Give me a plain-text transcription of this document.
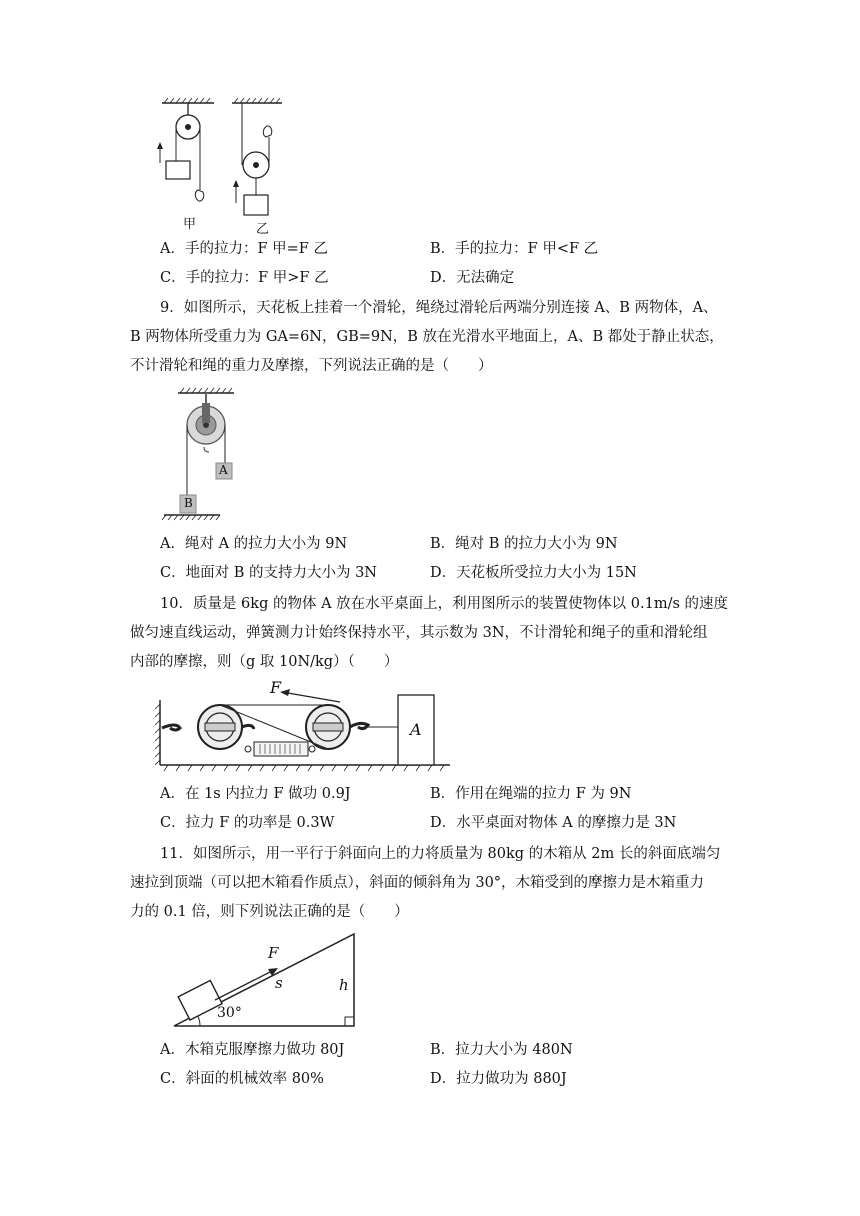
甲	乙
A．手的拉力：F 甲=F 乙	B．手的拉力：F 甲<F 乙
C．手的拉力：F 甲>F 乙	D．无法确定
9．如图所示，天花板上挂着一个滑轮，绳绕过滑轮后两端分别连接 A、B 两物体，A、
B 两物体所受重力为 GA=6N，GB=9N，B 放在光滑水平地面上，A、B 都处于静止状态，
不计滑轮和绳的重力及摩擦，下列说法正确的是（　　）
A
B
A．绳对 A 的拉力大小为 9N	B．绳对 B 的拉力大小为 9N
C．地面对 B 的支持力大小为 3N	D．天花板所受拉力大小为 15N
10．质量是 6kg 的物体 A 放在水平桌面上，利用图所示的装置使物体以 0.1m/s 的速度
做匀速直线运动，弹簧测力计始终保持水平，其示数为 3N，不计滑轮和绳子的重和滑轮组
内部的摩擦，则（g 取 10N/kg）（　　）
F
A
A．在 1s 内拉力 F 做功 0.9J	B．作用在绳端的拉力 F 为 9N
C．拉力 F 的功率是 0.3W	D．水平桌面对物体 A 的摩擦力是 3N
11．如图所示，用一平行于斜面向上的力将质量为 80kg 的木箱从 2m 长的斜面底端匀
速拉到顶端（可以把木箱看作质点），斜面的倾斜角为 30°，木箱受到的摩擦力是木箱重力
力的 0.1 倍，则下列说法正确的是（　　）
F
s	h
30°
A．木箱克服摩擦力做功 80J	B．拉力大小为 480N
C．斜面的机械效率 80%	D．拉力做功为 880J
